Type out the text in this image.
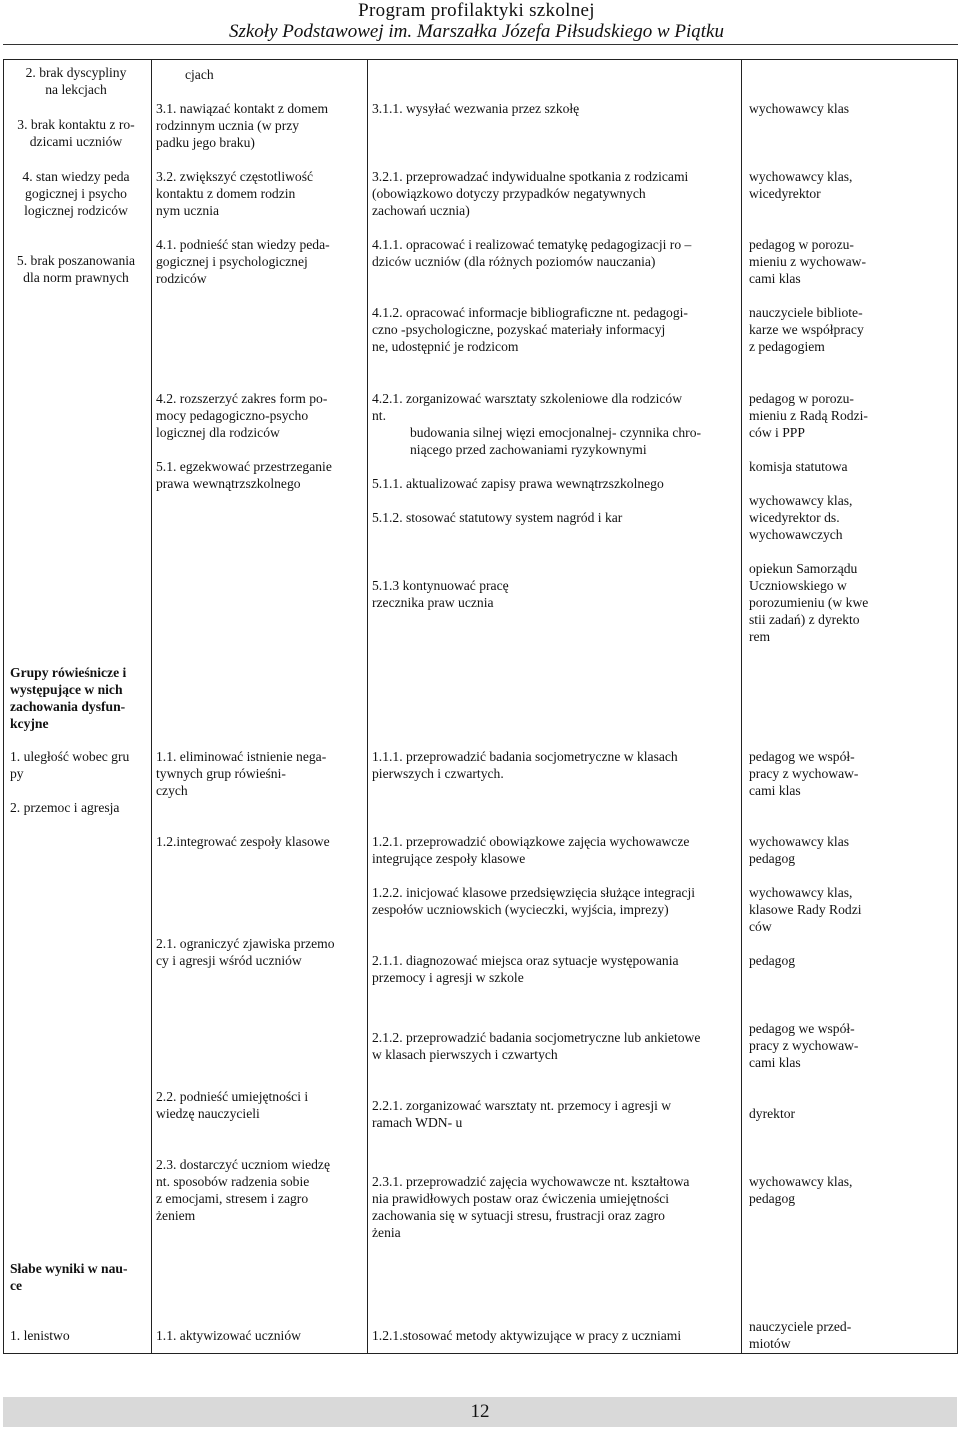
Program profilaktyki szkolnej
Szkoły Podstawowej im. Marszałka Józefa Piłsudskiego w Piątku
2. brak dyscypliny
na lekcjach
3. brak kontaktu z ro-
dzicami uczniów
4. stan wiedzy peda
gogicznej i psycho
logicznej rodziców
5. brak poszanowania
dla norm prawnych
Grupy rówieśnicze i
występujące w nich
zachowania dysfun-
kcyjne
1. uległość wobec gru
py
2. przemoc i agresja
Słabe wyniki w nau-
ce
1. lenistwo
cjach
3.1. nawiązać kontakt z domem
rodzinnym ucznia (w przy
padku jego braku)
3.2. zwiększyć częstotliwość
kontaktu z domem rodzin
nym ucznia
4.1. podnieść stan wiedzy peda-
gogicznej i psychologicznej
rodziców
4.2. rozszerzyć zakres form po-
mocy pedagogiczno-psycho
logicznej dla rodziców
5.1. egzekwować przestrzeganie
prawa wewnątrzszkolnego
1.1. eliminować istnienie nega-
tywnych grup rówieśni-
czych
1.2.integrować zespoły klasowe
2.1. ograniczyć zjawiska przemo
cy i agresji wśród uczniów
2.2. podnieść umiejętności i
wiedzę nauczycieli
2.3. dostarczyć uczniom wiedzę
nt. sposobów radzenia sobie
z emocjami, stresem i zagro
żeniem
1.1. aktywizować uczniów
3.1.1. wysyłać wezwania przez szkołę
3.2.1. przeprowadzać indywidualne spotkania z rodzicami
(obowiązkowo dotyczy przypadków negatywnych
zachowań ucznia)
4.1.1. opracować i realizować tematykę pedagogizacji ro –
dziców uczniów (dla różnych poziomów nauczania)
4.1.2. opracować informacje bibliograficzne nt. pedagogi-
czno -psychologiczne, pozyskać materiały informacyj
ne, udostępnić je rodzicom
4.2.1. zorganizować warsztaty szkoleniowe dla rodziców
nt.
budowania silnej więzi emocjonalnej- czynnika chro-
niącego przed zachowaniami ryzykownymi
5.1.1. aktualizować zapisy prawa wewnątrzszkolnego
5.1.2. stosować statutowy system nagród i kar
5.1.3 kontynuować pracę
rzecznika praw ucznia
1.1.1. przeprowadzić badania socjometryczne w klasach
pierwszych i czwartych.
1.2.1. przeprowadzić obowiązkowe zajęcia wychowawcze
integrujące zespoły klasowe
1.2.2. inicjować klasowe przedsięwzięcia służące integracji
zespołów uczniowskich (wycieczki, wyjścia, imprezy)
2.1.1. diagnozować miejsca oraz sytuacje występowania
przemocy i agresji w szkole
2.1.2. przeprowadzić badania socjometryczne lub ankietowe
w klasach pierwszych i czwartych
2.2.1. zorganizować warsztaty nt. przemocy i agresji w
ramach WDN- u
2.3.1. przeprowadzić zajęcia wychowawcze nt. kształtowa
nia prawidłowych postaw oraz ćwiczenia umiejętności
zachowania się w sytuacji stresu, frustracji oraz zagro
żenia
1.2.1.stosować metody aktywizujące w pracy z uczniami
wychowawcy klas
wychowawcy klas,
wicedyrektor
pedagog w porozu-
mieniu z wychowaw-
cami klas
nauczyciele bibliote-
karze we współpracy
z pedagogiem
pedagog w porozu-
mieniu z Radą Rodzi-
ców i PPP
komisja statutowa
wychowawcy klas,
wicedyrektor ds.
wychowawczych
opiekun Samorządu
Uczniowskiego w
porozumieniu (w kwe
stii zadań) z dyrekto
rem
pedagog we współ-
pracy z wychowaw-
cami klas
wychowawcy klas
pedagog
wychowawcy klas,
klasowe Rady Rodzi
ców
pedagog
pedagog we współ-
pracy z wychowaw-
cami klas
dyrektor
wychowawcy klas,
pedagog
nauczyciele przed-
miotów
12
